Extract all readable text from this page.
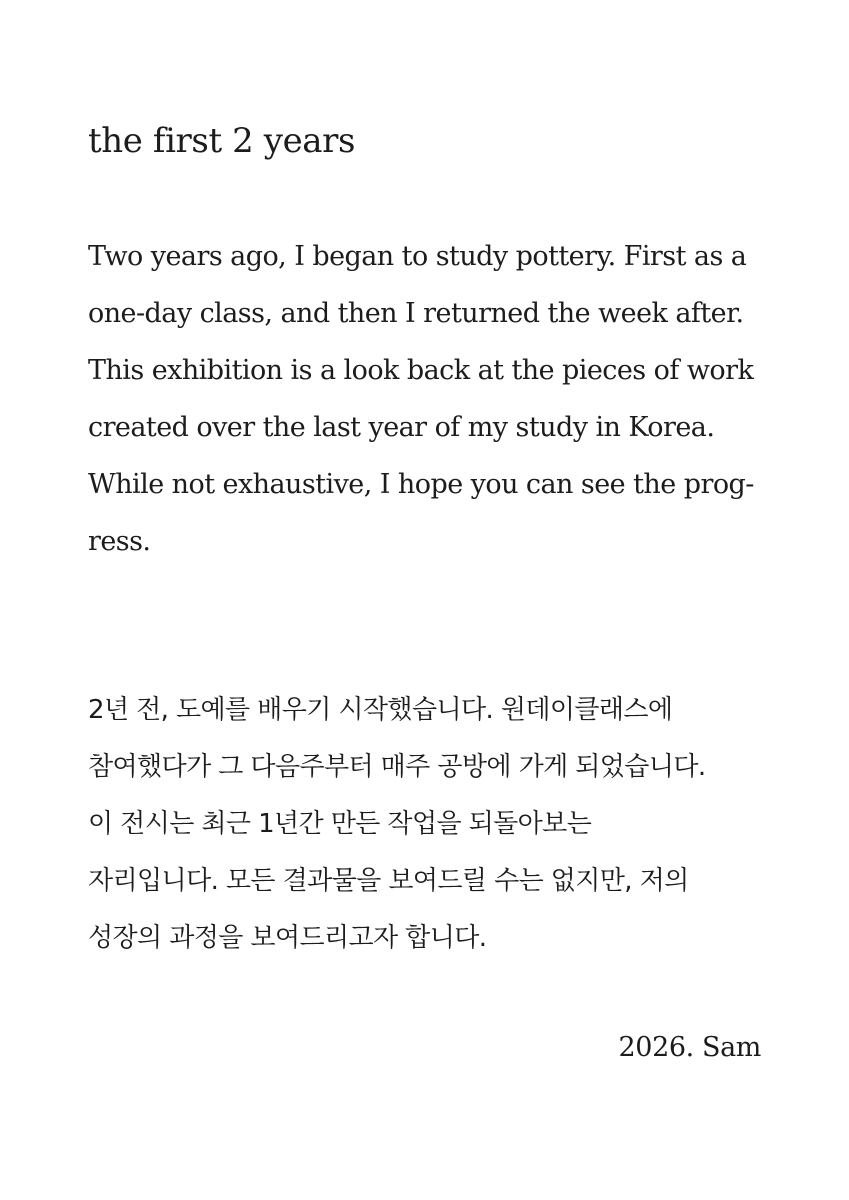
the first 2 years
Two years ago, I began to study pottery. First as a
one-day class, and then I returned the week after.
This exhibition is a look back at the pieces of work
created over the last year of my study in Korea.
While not exhaustive, I hope you can see the prog-
ress.
2년 전, 도예를 배우기 시작했습니다. 원데이클래스에
참여했다가 그 다음주부터 매주 공방에 가게 되었습니다.
이 전시는 최근 1년간 만든 작업을 되돌아보는
자리입니다. 모든 결과물을 보여드릴 수는 없지만, 저의
성장의 과정을 보여드리고자 합니다.
2026. Sam
